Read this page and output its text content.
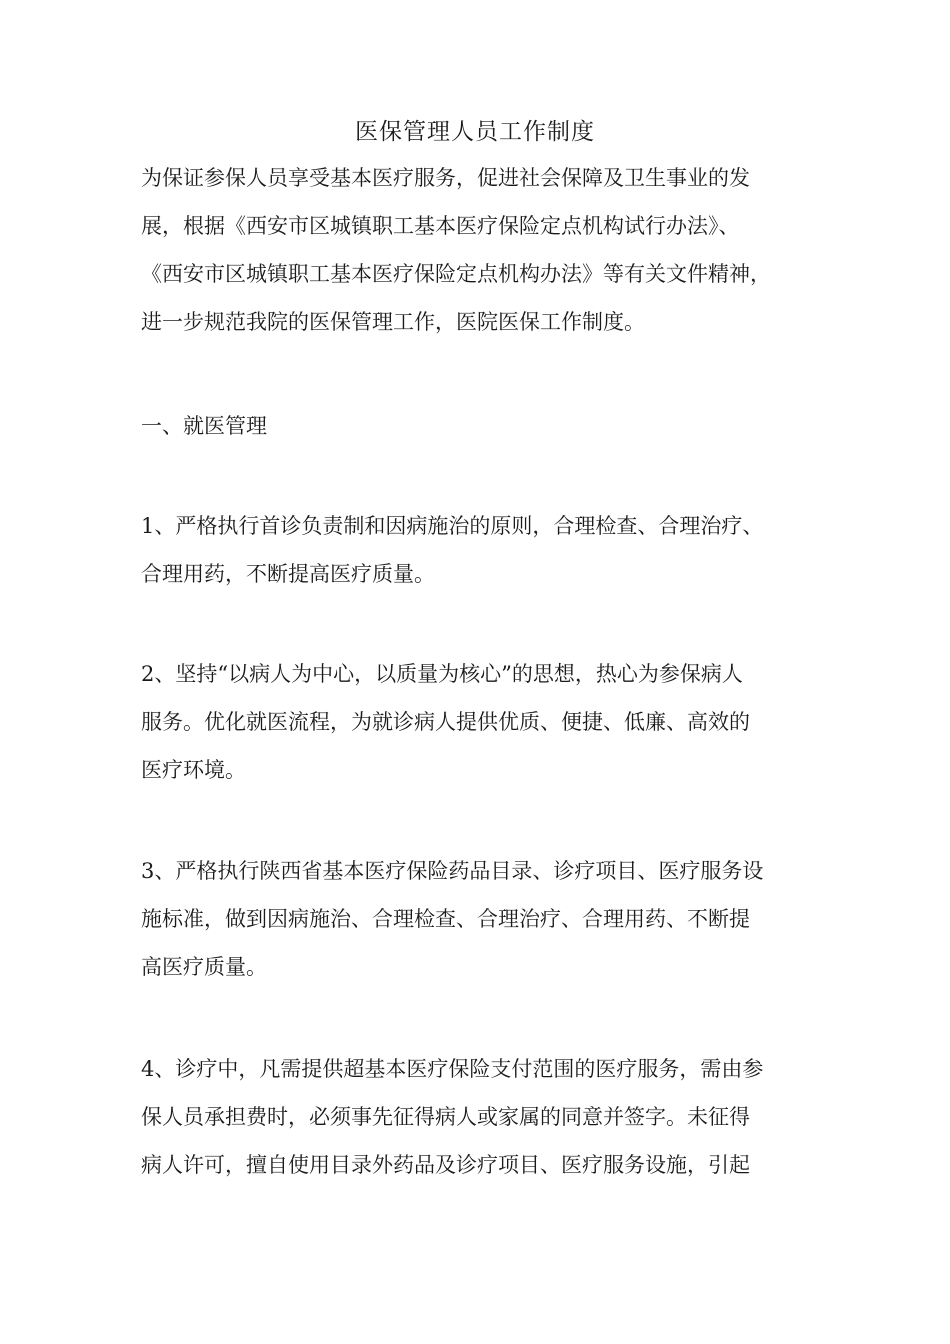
医保管理人员工作制度
为保证参保人员享受基本医疗服务，促进社会保障及卫生事业的发
展，根据《西安市区城镇职工基本医疗保险定点机构试行办法》、
《西安市区城镇职工基本医疗保险定点机构办法》等有关文件精神，
进一步规范我院的医保管理工作，医院医保工作制度。
一、就医管理
1、严格执行首诊负责制和因病施治的原则，合理检查、合理治疗、
合理用药，不断提高医疗质量。
2、坚持“以病人为中心，以质量为核心”的思想，热心为参保病人
服务。优化就医流程，为就诊病人提供优质、便捷、低廉、高效的
医疗环境。
3、严格执行陕西省基本医疗保险药品目录、诊疗项目、医疗服务设
施标准，做到因病施治、合理检查、合理治疗、合理用药、不断提
高医疗质量。
4、诊疗中，凡需提供超基本医疗保险支付范围的医疗服务，需由参
保人员承担费时，必须事先征得病人或家属的同意并签字。未征得
病人许可，擅自使用目录外药品及诊疗项目、医疗服务设施，引起
